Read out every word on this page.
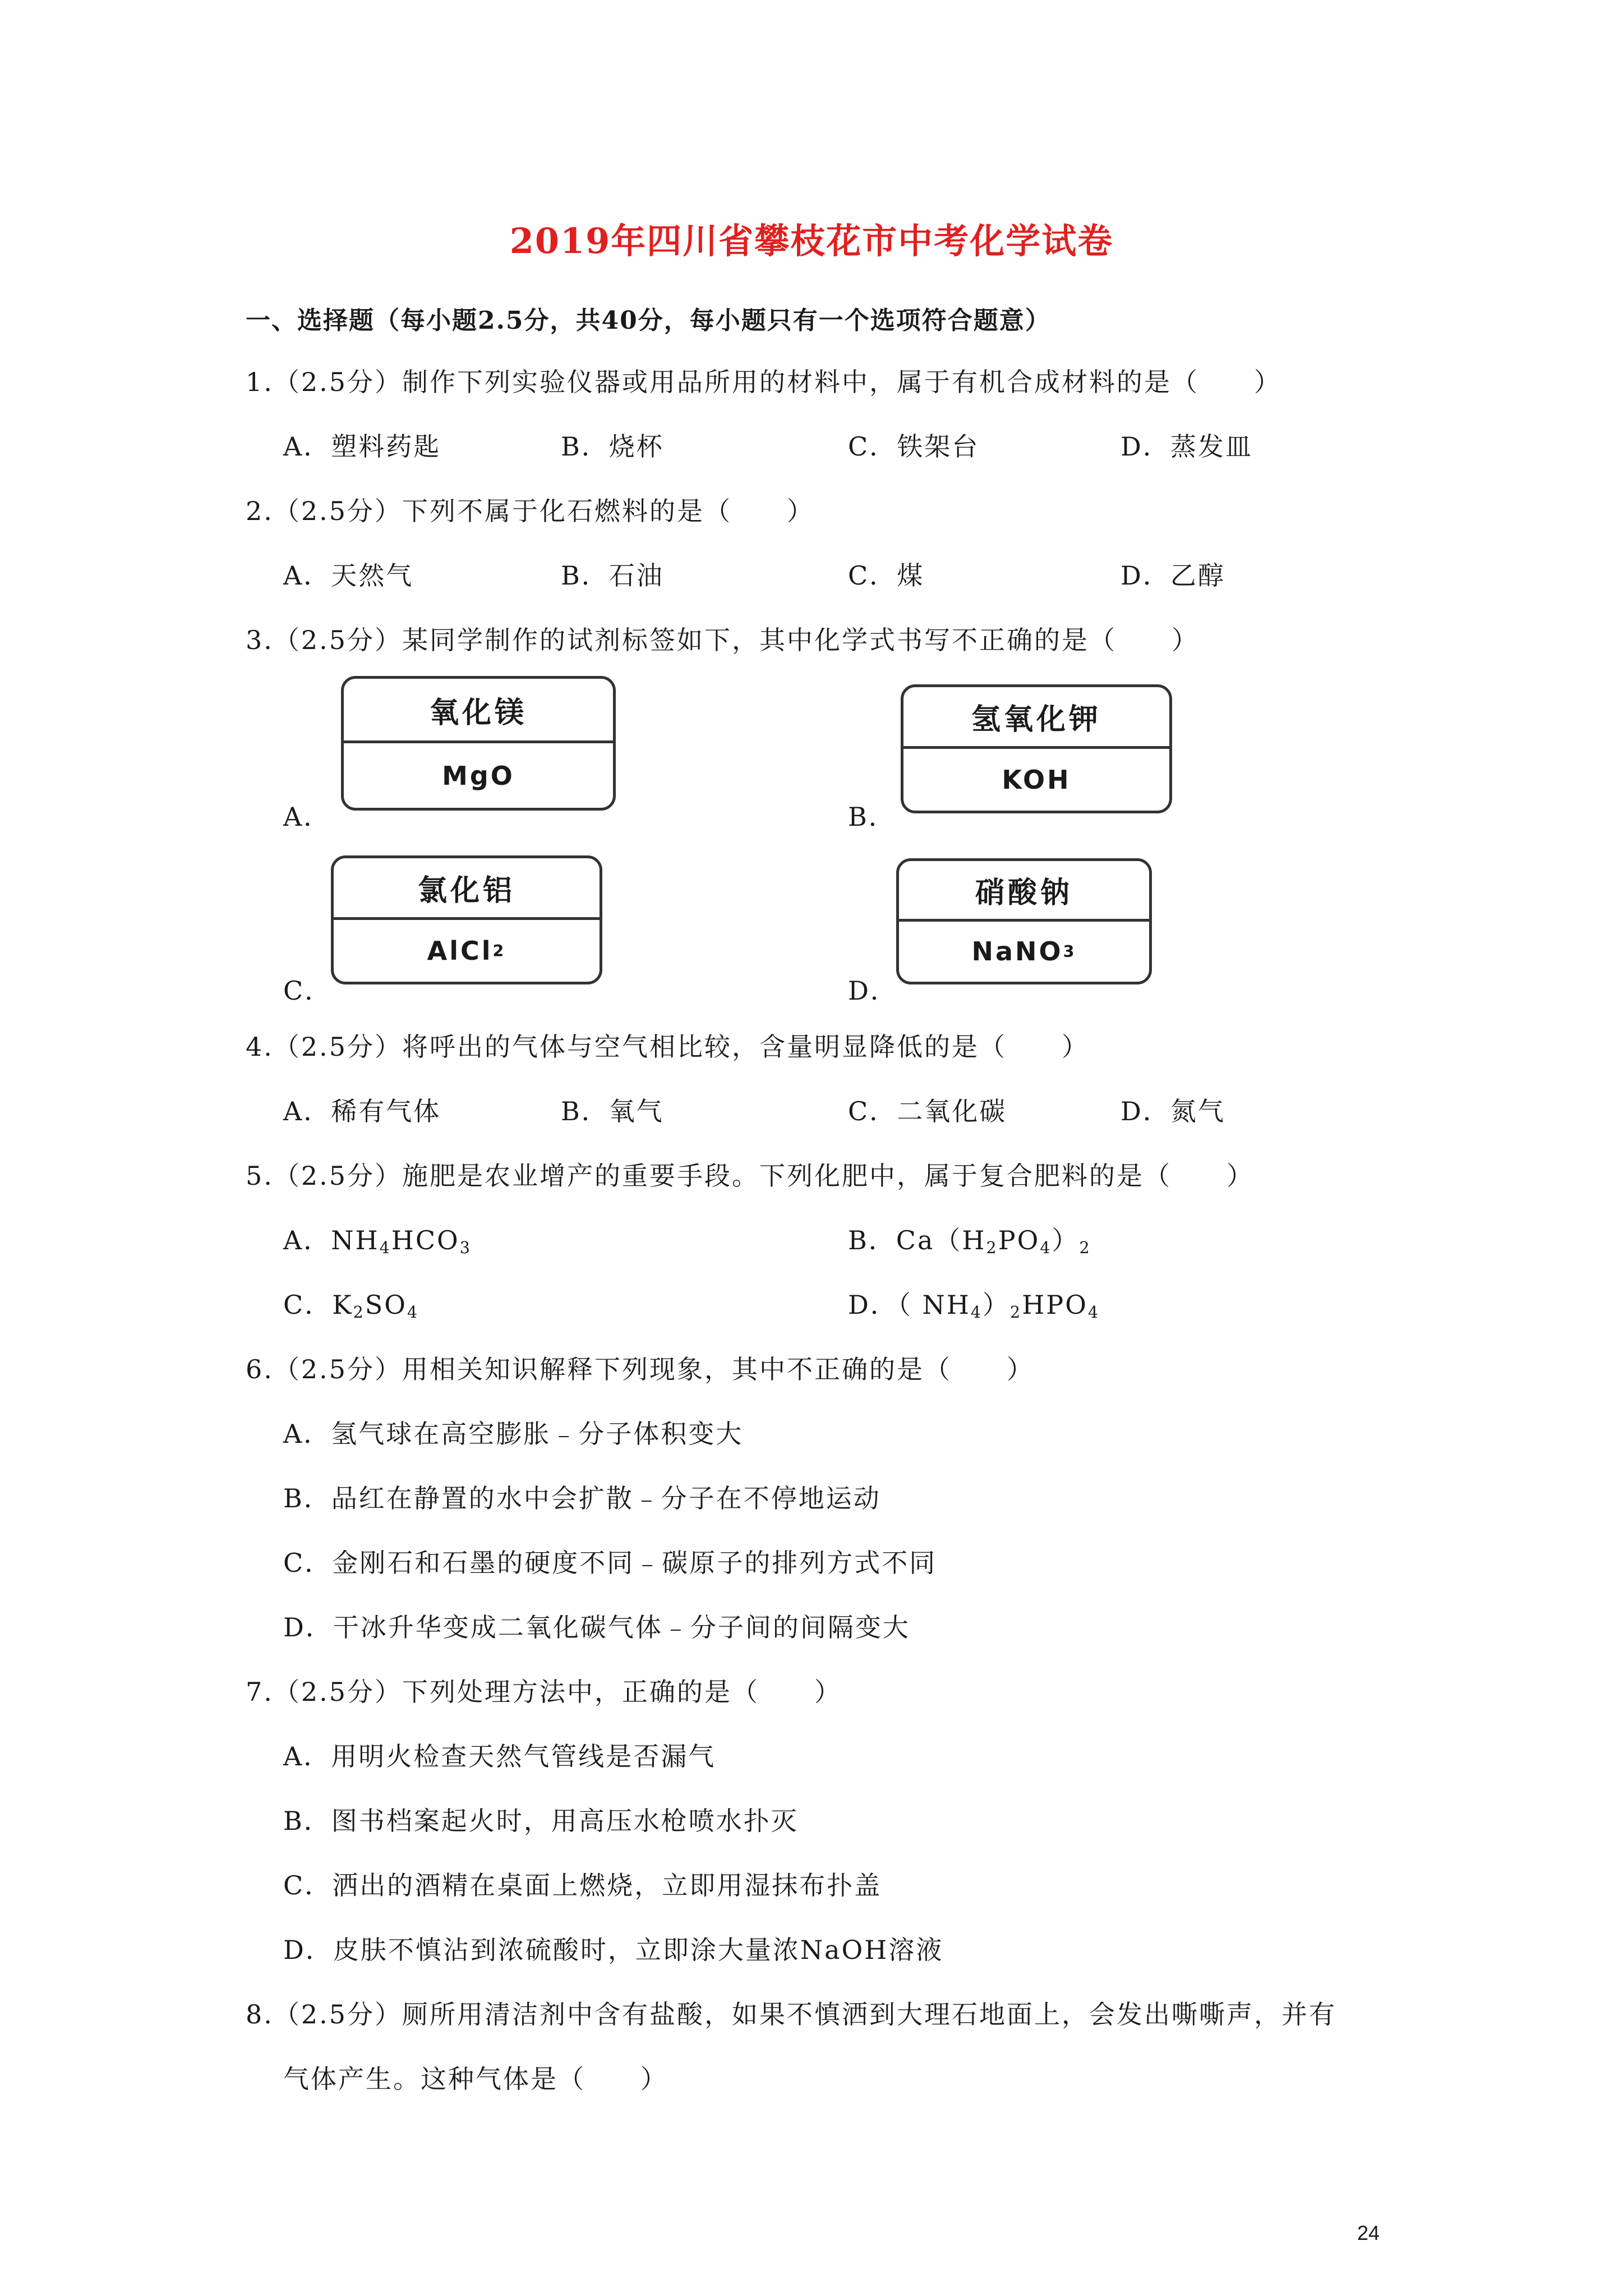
2019年四川省攀枝花市中考化学试卷
一、选择题（每小题2.5分，共40分，每小题只有一个选项符合题意）
1.（2.5分）制作下列实验仪器或用品所用的材料中，属于有机合成材料的是（　　）
A．塑料药匙	B．烧杯	C．铁架台	D．蒸发皿
2.（2.5分）下列不属于化石燃料的是（　　）
A．天然气	B．石油	C．煤	D．乙醇
3.（2.5分）某同学制作的试剂标签如下，其中化学式书写不正确的是（　　）
A．
氧化镁
MgO
B．
氢氧化钾
KOH
C．
氯化铝
AlCl 2
D．
硝酸钠
NaNO 3
4.（2.5分）将呼出的气体与空气相比较，含量明显降低的是（　　）
A．稀有气体	B．氧气	C．二氧化碳	D．氮气
5.（2.5分）施肥是农业增产的重要手段。下列化肥中，属于复合肥料的是（　　）
A．$NH_4HCO_3$	B．$Ca(H_2PO_4)_2$
C．$K_2SO_4$	D．（ $NH_4)_2HPO_4$
6.（2.5分）用相关知识解释下列现象，其中不正确的是（　　）
A．氢气球在高空膨胀﹣分子体积变大
B．品红在静置的水中会扩散﹣分子在不停地运动
C．金刚石和石墨的硬度不同﹣碳原子的排列方式不同
D．干冰升华变成二氧化碳气体﹣分子间的间隔变大
7.（2.5分）下列处理方法中，正确的是（　　）
A．用明火检查天然气管线是否漏气
B．图书档案起火时，用高压水枪喷水扑灭
C．洒出的酒精在桌面上燃烧，立即用湿抹布扑盖
D．皮肤不慎沾到浓硫酸时，立即涂大量浓NaOH溶液
8.（2.5分）厕所用清洁剂中含有盐酸，如果不慎洒到大理石地面上，会发出嘶嘶声，并有
气体产生。这种气体是（　　）
24
